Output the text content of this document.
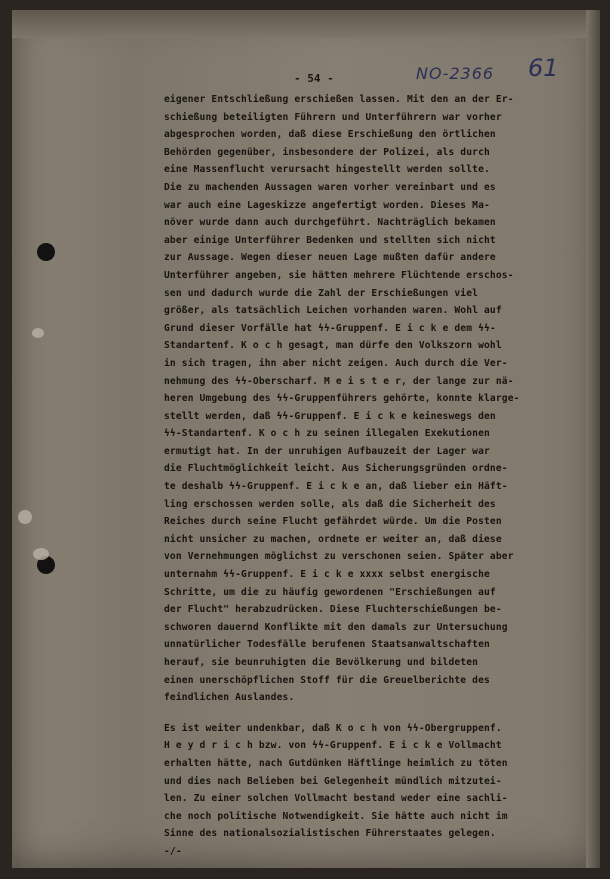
- 54 -	NO-2366 61
eigener Entschließung erschießen lassen. Mit den an der Er-
schießung beteiligten Führern und Unterführern war vorher
abgesprochen worden, daß diese Erschießung den örtlichen
Behörden gegenüber, insbesondere der Polizei, als durch
eine Massenflucht verursacht hingestellt werden sollte.
Die zu machenden Aussagen waren vorher vereinbart und es
war auch eine Lageskizze angefertigt worden. Dieses Ma-
növer wurde dann auch durchgeführt. Nachträglich bekamen
aber einige Unterführer Bedenken und stellten sich nicht
zur Aussage. Wegen dieser neuen Lage mußten dafür andere
Unterführer angeben, sie hätten mehrere Flüchtende erschos-
sen und dadurch wurde die Zahl der Erschießungen viel
größer, als tatsächlich Leichen vorhanden waren. Wohl auf
Grund dieser Vorfälle hat ϟϟ-Gruppenf. E i c k e dem ϟϟ-
Standartenf. K o c h gesagt, man dürfe den Volkszorn wohl
in sich tragen, ihn aber nicht zeigen. Auch durch die Ver-
nehmung des ϟϟ-Oberscharf. M e i s t e r, der lange zur nä-
heren Umgebung des ϟϟ-Gruppenführers gehörte, konnte klarge-
stellt werden, daß ϟϟ-Gruppenf. E i c k e keineswegs den
ϟϟ-Standartenf. K o c h zu seinen illegalen Exekutionen
ermutigt hat. In der unruhigen Aufbauzeit der Lager war
die Fluchtmöglichkeit leicht. Aus Sicherungsgründen ordne-
te deshalb ϟϟ-Gruppenf. E i c k e an, daß lieber ein Häft-
ling erschossen werden solle, als daß die Sicherheit des
Reiches durch seine Flucht gefährdet würde. Um die Posten
nicht unsicher zu machen, ordnete er weiter an, daß diese
von Vernehmungen möglichst zu verschonen seien. Später aber
unternahm ϟϟ-Gruppenf. E i c k e xxxx selbst energische
Schritte, um die zu häufig gewordenen "Erschießungen auf
der Flucht" herabzudrücken. Diese Fluchterschießungen be-
schworen dauernd Konflikte mit den damals zur Untersuchung
unnatürlicher Todesfälle berufenen Staatsanwaltschaften
herauf, sie beunruhigten die Bevölkerung und bildeten
einen unerschöpflichen Stoff für die Greuelberichte des
feindlichen Auslandes.
Es ist weiter undenkbar, daß K o c h von ϟϟ-Obergruppenf.
H e y d r i c h bzw. von ϟϟ-Gruppenf. E i c k e Vollmacht
erhalten hätte, nach Gutdünken Häftlinge heimlich zu töten
und dies nach Belieben bei Gelegenheit mündlich mitzutei-
len. Zu einer solchen Vollmacht bestand weder eine sachli-
che noch politische Notwendigkeit. Sie hätte auch nicht im
Sinne des nationalsozialistischen Führerstaates gelegen.
-/-
